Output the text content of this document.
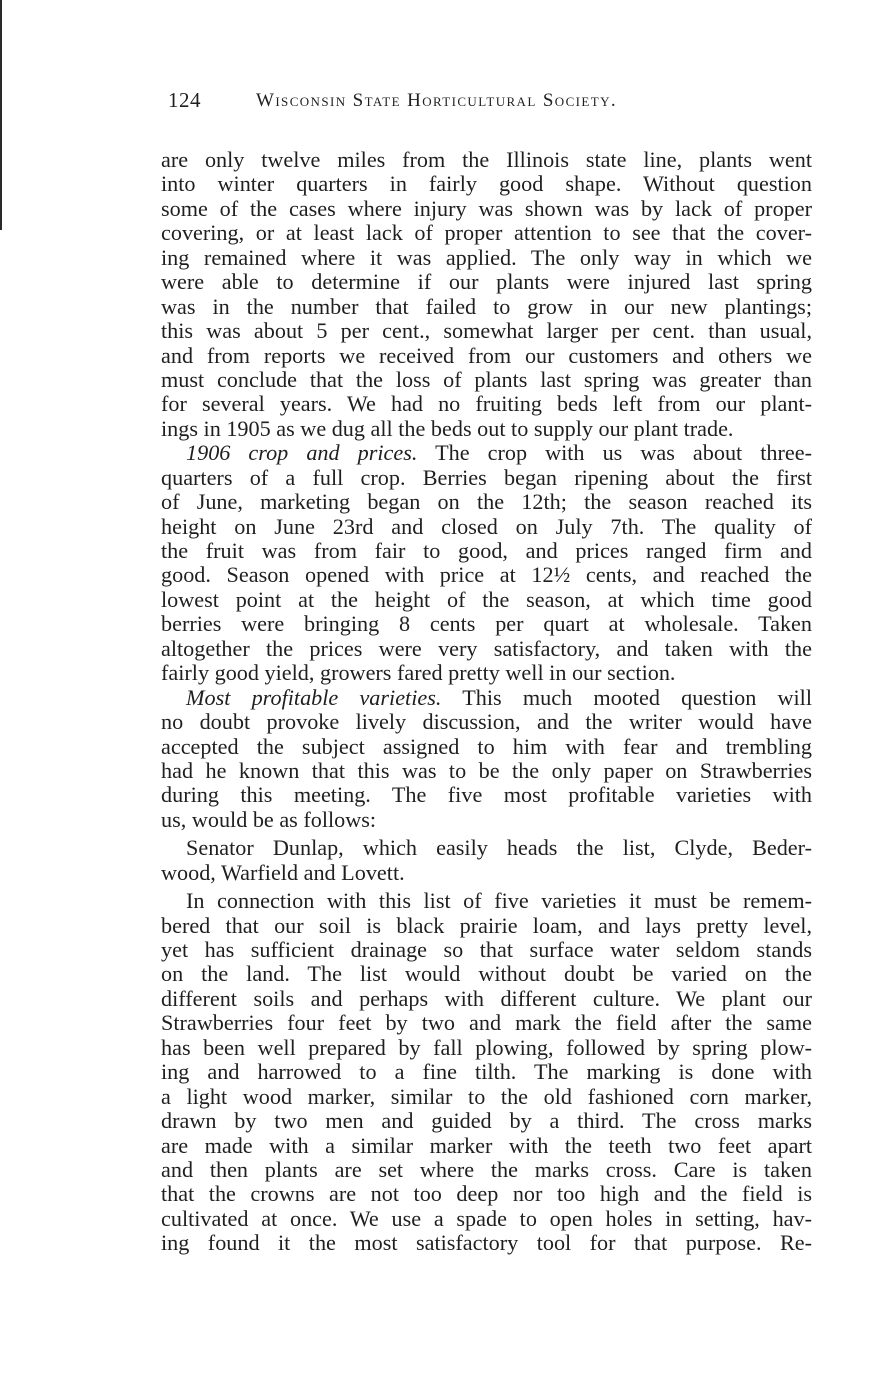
124	Wisconsin State Horticultural Society.
are only twelve miles from the Illinois state line, plants went
into winter quarters in fairly good shape. Without question
some of the cases where injury was shown was by lack of proper
covering, or at least lack of proper attention to see that the cover-
ing remained where it was applied. The only way in which we
were able to determine if our plants were injured last spring
was in the number that failed to grow in our new plantings;
this was about 5 per cent., somewhat larger per cent. than usual,
and from reports we received from our customers and others we
must conclude that the loss of plants last spring was greater than
for several years. We had no fruiting beds left from our plant-
ings in 1905 as we dug all the beds out to supply our plant trade.
1906 crop and prices. The crop with us was about three-
quarters of a full crop. Berries began ripening about the first
of June, marketing began on the 12th; the season reached its
height on June 23rd and closed on July 7th. The quality of
the fruit was from fair to good, and prices ranged firm and
good. Season opened with price at 12½ cents, and reached the
lowest point at the height of the season, at which time good
berries were bringing 8 cents per quart at wholesale. Taken
altogether the prices were very satisfactory, and taken with the
fairly good yield, growers fared pretty well in our section.
Most profitable varieties. This much mooted question will
no doubt provoke lively discussion, and the writer would have
accepted the subject assigned to him with fear and trembling
had he known that this was to be the only paper on Strawberries
during this meeting. The five most profitable varieties with
us, would be as follows:
Senator Dunlap, which easily heads the list, Clyde, Beder-
wood, Warfield and Lovett.
In connection with this list of five varieties it must be remem-
bered that our soil is black prairie loam, and lays pretty level,
yet has sufficient drainage so that surface water seldom stands
on the land. The list would without doubt be varied on the
different soils and perhaps with different culture. We plant our
Strawberries four feet by two and mark the field after the same
has been well prepared by fall plowing, followed by spring plow-
ing and harrowed to a fine tilth. The marking is done with
a light wood marker, similar to the old fashioned corn marker,
drawn by two men and guided by a third. The cross marks
are made with a similar marker with the teeth two feet apart
and then plants are set where the marks cross. Care is taken
that the crowns are not too deep nor too high and the field is
cultivated at once. We use a spade to open holes in setting, hav-
ing found it the most satisfactory tool for that purpose. Re-
